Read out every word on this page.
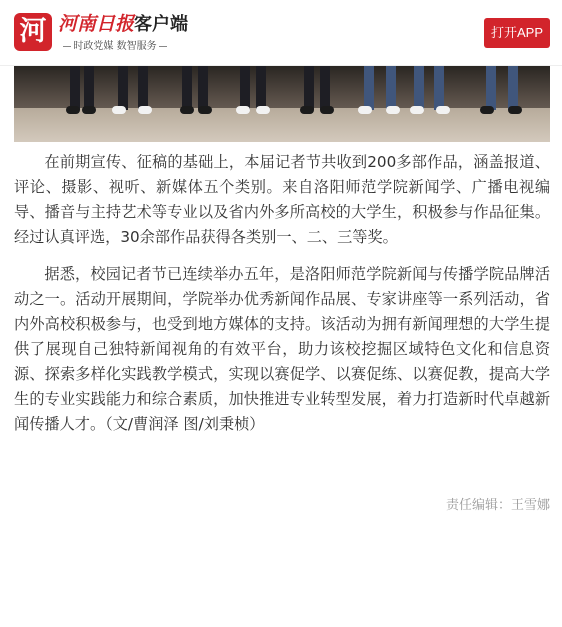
河 河南日报客户端
时政党媒 数智服务
打开APP

在前期宣传、征稿的基础上，本届记者节共收到200多部作品，涵盖报道、评论、摄影、视听、新媒体五个类别。来自洛阳师范学院新闻学、广播电视编导、播音与主持艺术等专业以及省内外多所高校的大学生，积极参与作品征集。经过认真评选，30余部作品获得各类别一、二、三等奖。

据悉，校园记者节已连续举办五年，是洛阳师范学院新闻与传播学院品牌活动之一。活动开展期间，学院举办优秀新闻作品展、专家讲座等一系列活动，省内外高校积极参与，也受到地方媒体的支持。该活动为拥有新闻理想的大学生提供了展现自己独特新闻视角的有效平台，助力该校挖掘区域特色文化和信息资源、探索多样化实践教学模式，实现以赛促学、以赛促练、以赛促教，提高大学生的专业实践能力和综合素质，加快推进专业转型发展，着力打造新时代卓越新闻传播人才。（文/曹润泽 图/刘秉桢）

责任编辑：王雪娜
